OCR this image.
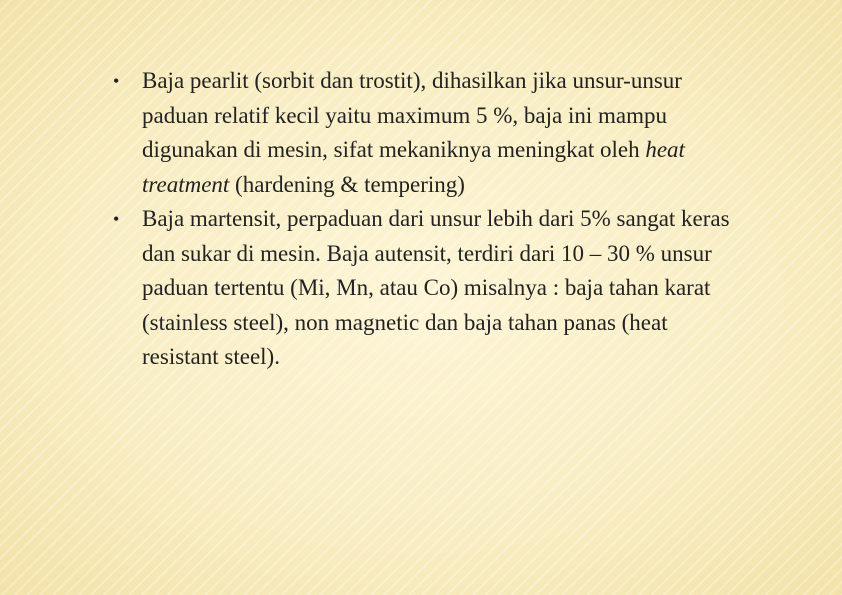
• Baja pearlit (sorbit dan trostit), dihasilkan jika unsur-unsur paduan relatif kecil yaitu maximum 5 %, baja ini mampu digunakan di mesin, sifat mekaniknya meningkat oleh heat treatment (hardening & tempering)
• Baja martensit, perpaduan dari unsur lebih dari 5% sangat keras dan sukar di mesin. Baja autensit, terdiri dari 10 – 30 % unsur paduan tertentu (Mi, Mn, atau Co) misalnya : baja tahan karat (stainless steel), non magnetic dan baja tahan panas (heat resistant steel).
